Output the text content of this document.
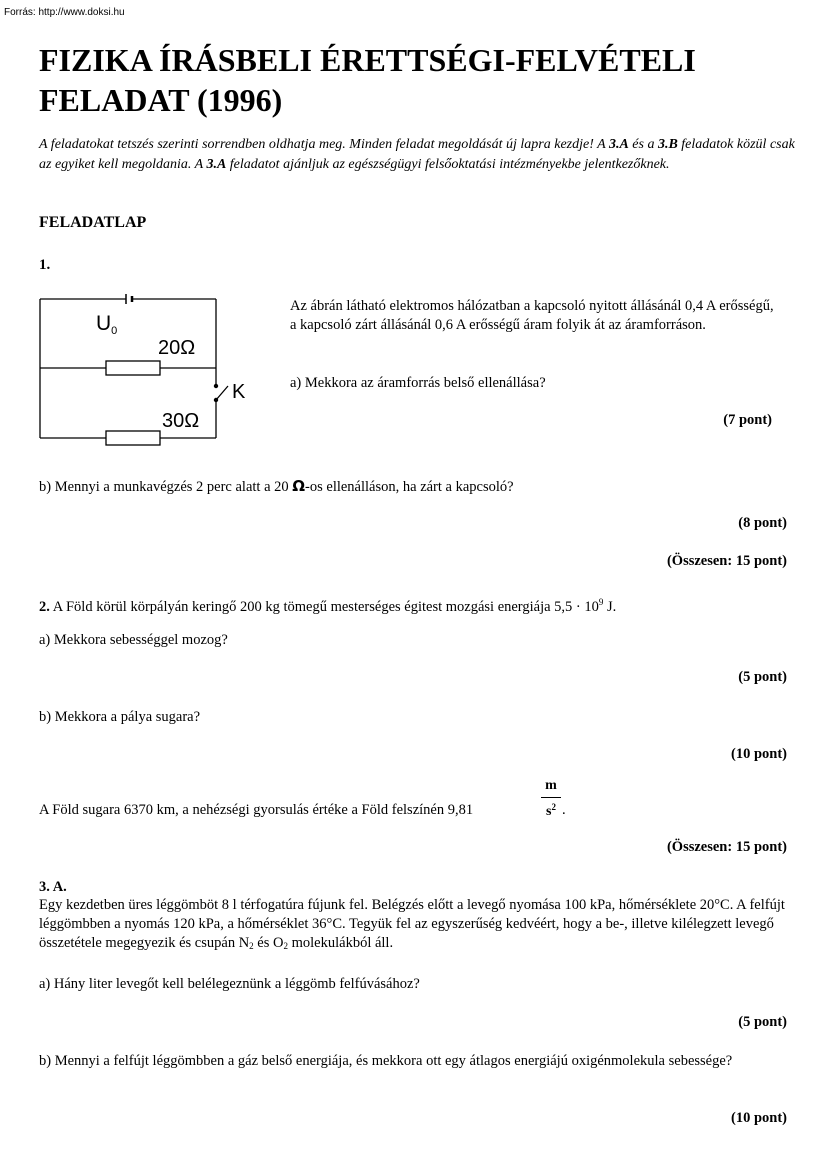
Forrás: http://www.doksi.hu
FIZIKA ÍRÁSBELI ÉRETTSÉGI-FELVÉTELI
FELADAT (1996)
A feladatokat tetszés szerinti sorrendben oldhatja meg. Minden feladat megoldását új lapra kezdje! A 3.A és a 3.B feladatok közül csak az egyiket kell megoldania. A 3.A feladatot ajánljuk az egészségügyi felsőoktatási intézményekbe jelentkezőknek.
FELADATLAP
1.
U0
20Ω
K
30Ω
Az ábrán látható elektromos hálózatban a kapcsoló nyitott állásánál 0,4 A erősségű, a kapcsoló zárt állásánál 0,6 A erősségű áram folyik át az áramforráson.
a) Mekkora az áramforrás belső ellenállása?
(7 pont)
b) Mennyi a munkavégzés 2 perc alatt a 20 Ω-os ellenálláson, ha zárt a kapcsoló?
(8 pont)
(Összesen: 15 pont)
2. A Föld körül körpályán keringő 200 kg tömegű mesterséges égitest mozgási energiája $5,5 \cdot 10^9$ J.
a) Mekkora sebességgel mozog?
(5 pont)
b) Mekkora a pálya sugara?
(10 pont)
A Föld sugara 6370 km, a nehézségi gyorsulás értéke a Föld felszínén 9,81	$\frac{m}{s^2}$ .
(Összesen: 15 pont)
3. A.
Egy kezdetben üres léggömböt 8 l térfogatúra fújunk fel. Belégzés előtt a levegő nyomása 100 kPa, hőmérséklete 20°C. A felfújt léggömbben a nyomás 120 kPa, a hőmérséklet 36°C. Tegyük fel az egyszerűség kedvéért, hogy a be-, illetve kilélegzett levegő összetétele megegyezik és csupán $N_2$ és $O_2$ molekulákból áll.
a) Hány liter levegőt kell belélegeznünk a léggömb felfúvásához?
(5 pont)
b) Mennyi a felfújt léggömbben a gáz belső energiája, és mekkora ott egy átlagos energiájú oxigénmolekula sebessége?
(10 pont)
